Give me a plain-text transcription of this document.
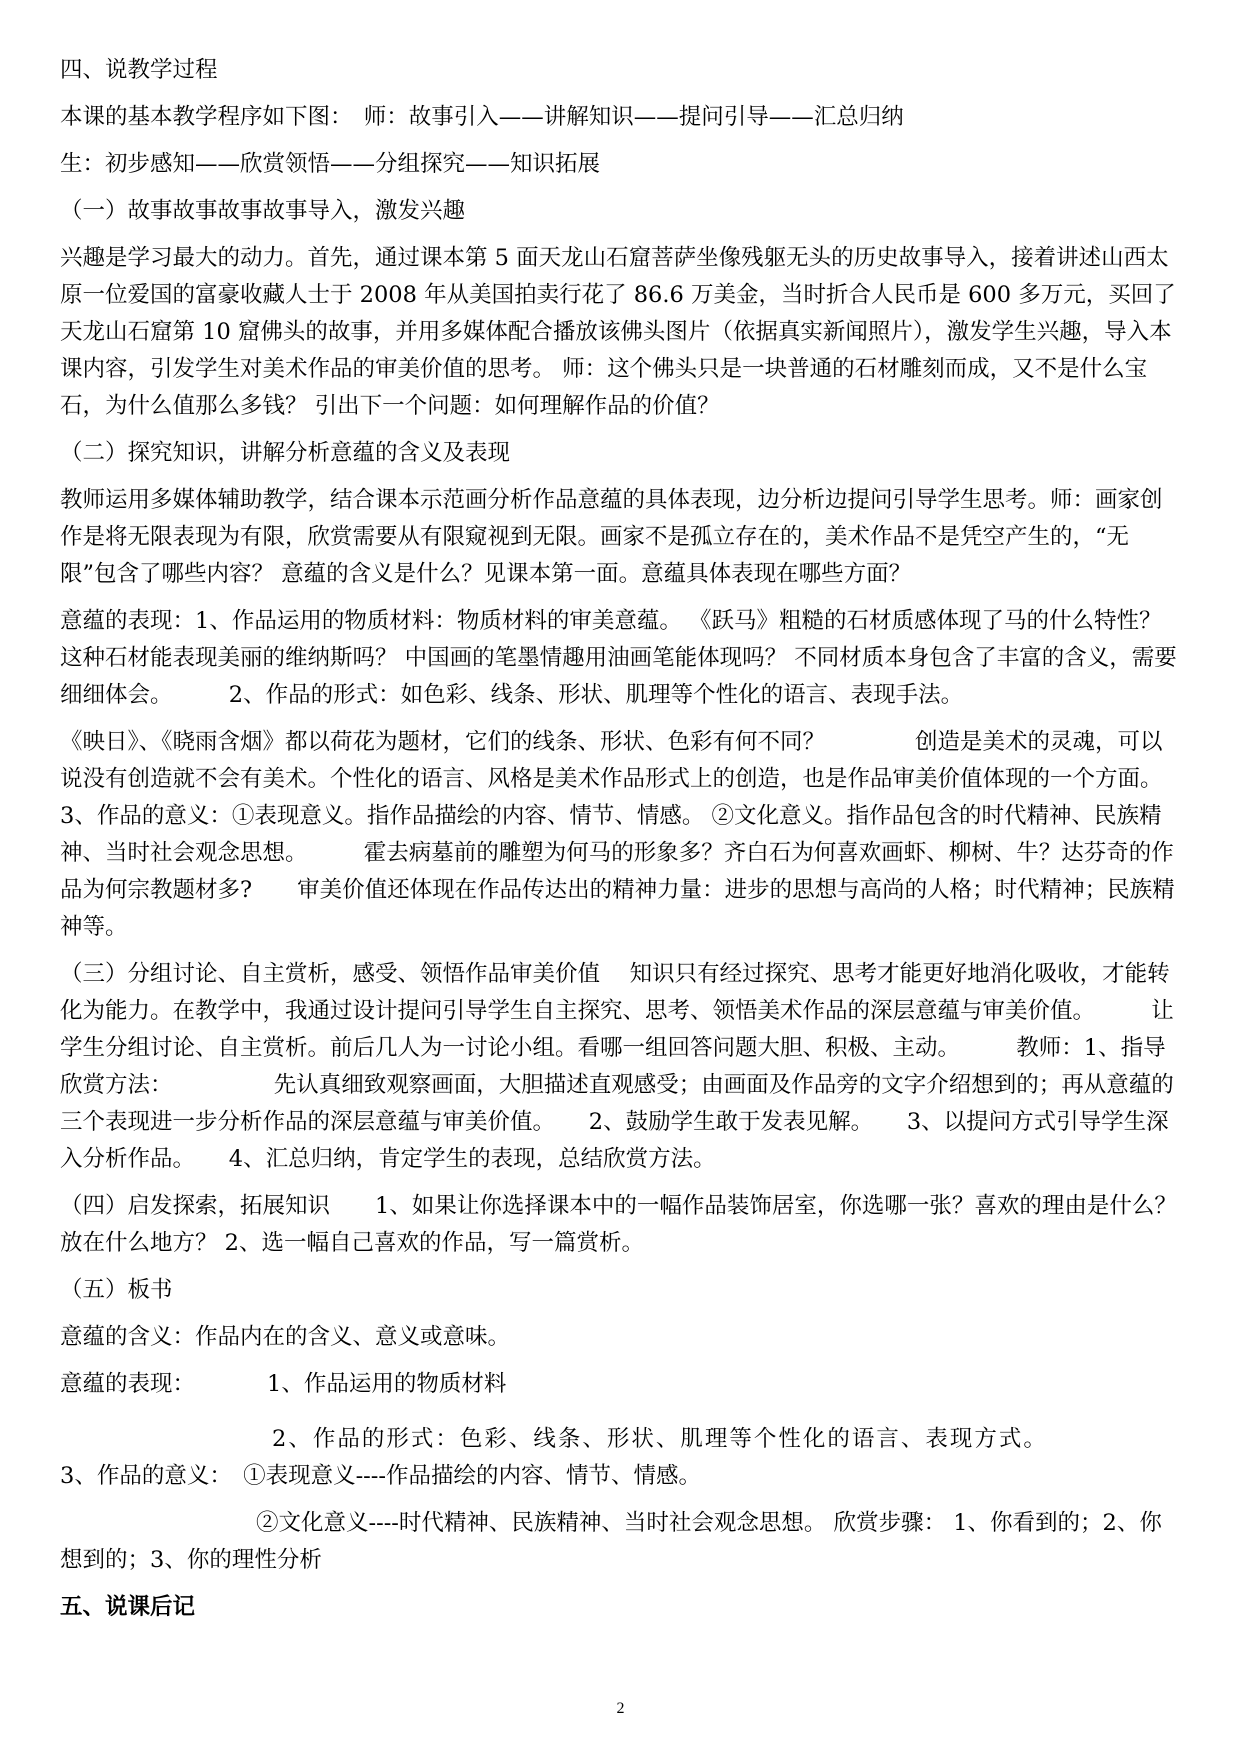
四、说教学过程

本课的基本教学程序如下图：　师：故事引入——讲解知识——提问引导——汇总归纳

生：初步感知——欣赏领悟——分组探究——知识拓展

（一）故事故事故事故事导入，激发兴趣

兴趣是学习最大的动力。首先，通过课本第 5 面天龙山石窟菩萨坐像残躯无头的历史故事导入，接着讲述山西太原一位爱国的富豪收藏人士于 2008 年从美国拍卖行花了 86.6 万美金，当时折合人民币是 600 多万元，买回了天龙山石窟第 10 窟佛头的故事，并用多媒体配合播放该佛头图片（依据真实新闻照片），激发学生兴趣，导入本课内容，引发学生对美术作品的审美价值的思考。 师：这个佛头只是一块普通的石材雕刻而成，又不是什么宝石，为什么值那么多钱？ 引出下一个问题：如何理解作品的价值？

（二）探究知识，讲解分析意蕴的含义及表现

教师运用多媒体辅助教学，结合课本示范画分析作品意蕴的具体表现，边分析边提问引导学生思考。师：画家创作是将无限表现为有限，欣赏需要从有限窥视到无限。画家不是孤立存在的，美术作品不是凭空产生的，“无限”包含了哪些内容？ 意蕴的含义是什么？见课本第一面。意蕴具体表现在哪些方面？

意蕴的表现：1、作品运用的物质材料：物质材料的审美意蕴。 《跃马》粗糙的石材质感体现了马的什么特性？这种石材能表现美丽的维纳斯吗？ 中国画的笔墨情趣用油画笔能体现吗？ 不同材质本身包含了丰富的含义，需要细细体会。　　　2、作品的形式：如色彩、线条、形状、肌理等个性化的语言、表现手法。

《映日》、《晓雨含烟》都以荷花为题材，它们的线条、形状、色彩有何不同？　　　　创造是美术的灵魂，可以说没有创造就不会有美术。个性化的语言、风格是美术作品形式上的创造，也是作品审美价值体现的一个方面。　　　3、作品的意义：①表现意义。指作品描绘的内容、情节、情感。 ②文化意义。指作品包含的时代精神、民族精神、当时社会观念思想。　　　霍去病墓前的雕塑为何马的形象多？齐白石为何喜欢画虾、柳树、牛？达芬奇的作品为何宗教题材多?　　审美价值还体现在作品传达出的精神力量：进步的思想与高尚的人格；时代精神；民族精神等。

（三）分组讨论、自主赏析，感受、领悟作品审美价值　 知识只有经过探究、思考才能更好地消化吸收，才能转化为能力。在教学中，我通过设计提问引导学生自主探究、思考、领悟美术作品的深层意蕴与审美价值。　　　让学生分组讨论、自主赏析。前后几人为一讨论小组。看哪一组回答问题大胆、积极、主动。　　　教师：1、指导欣赏方法：　　　　　先认真细致观察画面，大胆描述直观感受；由画面及作品旁的文字介绍想到的；再从意蕴的三个表现进一步分析作品的深层意蕴与审美价值。　　2、鼓励学生敢于发表见解。　　3、以提问方式引导学生深入分析作品。　　4、汇总归纳，肯定学生的表现，总结欣赏方法。

（四）启发探索，拓展知识　　1、如果让你选择课本中的一幅作品装饰居室，你选哪一张？喜欢的理由是什么？放在什么地方？ 2、选一幅自己喜欢的作品，写一篇赏析。

（五）板书

意蕴的含义：作品内在的含义、意义或意味。

意蕴的表现：	1、作品运用的物质材料

2、作品的形式：色彩、线条、形状、肌理等个性化的语言、表现方式。

3、作品的意义：　①表现意义----作品描绘的内容、情节、情感。

②文化意义----时代精神、民族精神、当时社会观念思想。 欣赏步骤： 1、你看到的；2、你想到的；3、你的理性分析

五、说课后记

2
